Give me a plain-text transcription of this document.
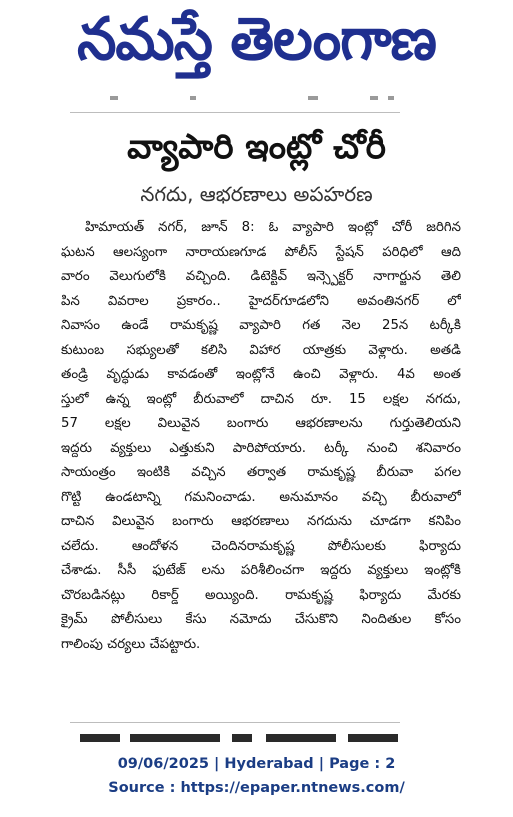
నమస్తే తెలంగాణ
వ్యాపారి ఇంట్లో చోరీ
నగదు, ఆభరణాలు అపహరణ
హిమాయత్ నగర్, జూన్ 8: ఓ వ్యాపారి ఇంట్లో చోరీ జరిగిన
ఘటన ఆలస్యంగా నారాయణగూడ పోలీస్ స్టేషన్ పరిధిలో ఆది
వారం వెలుగులోకి వచ్చింది. డిటెక్టివ్ ఇన్స్పెక్టర్ నాగార్జున తెలి
పిన వివరాల ప్రకారం.. హైదర్‌గూడలోని అవంతినగర్ లో
నివాసం ఉండే రామకృష్ణ వ్యాపారి గత నెల 25న టర్కీకి
కుటుంబ సభ్యులతో కలిసి విహార యాత్రకు వెళ్లారు. అతడి
తండ్రి వృద్ధుడు కావడంతో ఇంట్లోనే ఉంచి వెళ్లారు. 4వ అంత
స్తులో ఉన్న ఇంట్లో బీరువాలో దాచిన రూ. 15 లక్షల నగదు,
57 లక్షల విలువైన బంగారు ఆభరణాలను గుర్తుతెలియని
ఇద్దరు వ్యక్తులు ఎత్తుకుని పారిపోయారు. టర్కీ నుంచి శనివారం
సాయంత్రం ఇంటికి వచ్చిన తర్వాత రామకృష్ణ బీరువా పగల
గొట్టి ఉండటాన్ని గమనించాడు. అనుమానం వచ్చి బీరువాలో
దాచిన విలువైన బంగారు ఆభరణాలు నగదును చూడగా కనిపిం
చలేదు. ఆందోళన చెందినరామకృష్ణ పోలీసులకు ఫిర్యాదు
చేశాడు. సీసీ ఫుటేజ్ లను పరిశీలించగా ఇద్దరు వ్యక్తులు ఇంట్లోకి
చొరబడినట్లు రికార్డ్ అయ్యింది. రామకృష్ణ ఫిర్యాదు మేరకు
క్రైమ్ పోలీసులు కేసు నమోదు చేసుకొని నిందితుల కోసం
గాలింపు చర్యలు చేపట్టారు.
09/06/2025 | Hyderabad | Page : 2
Source : https://epaper.ntnews.com/
